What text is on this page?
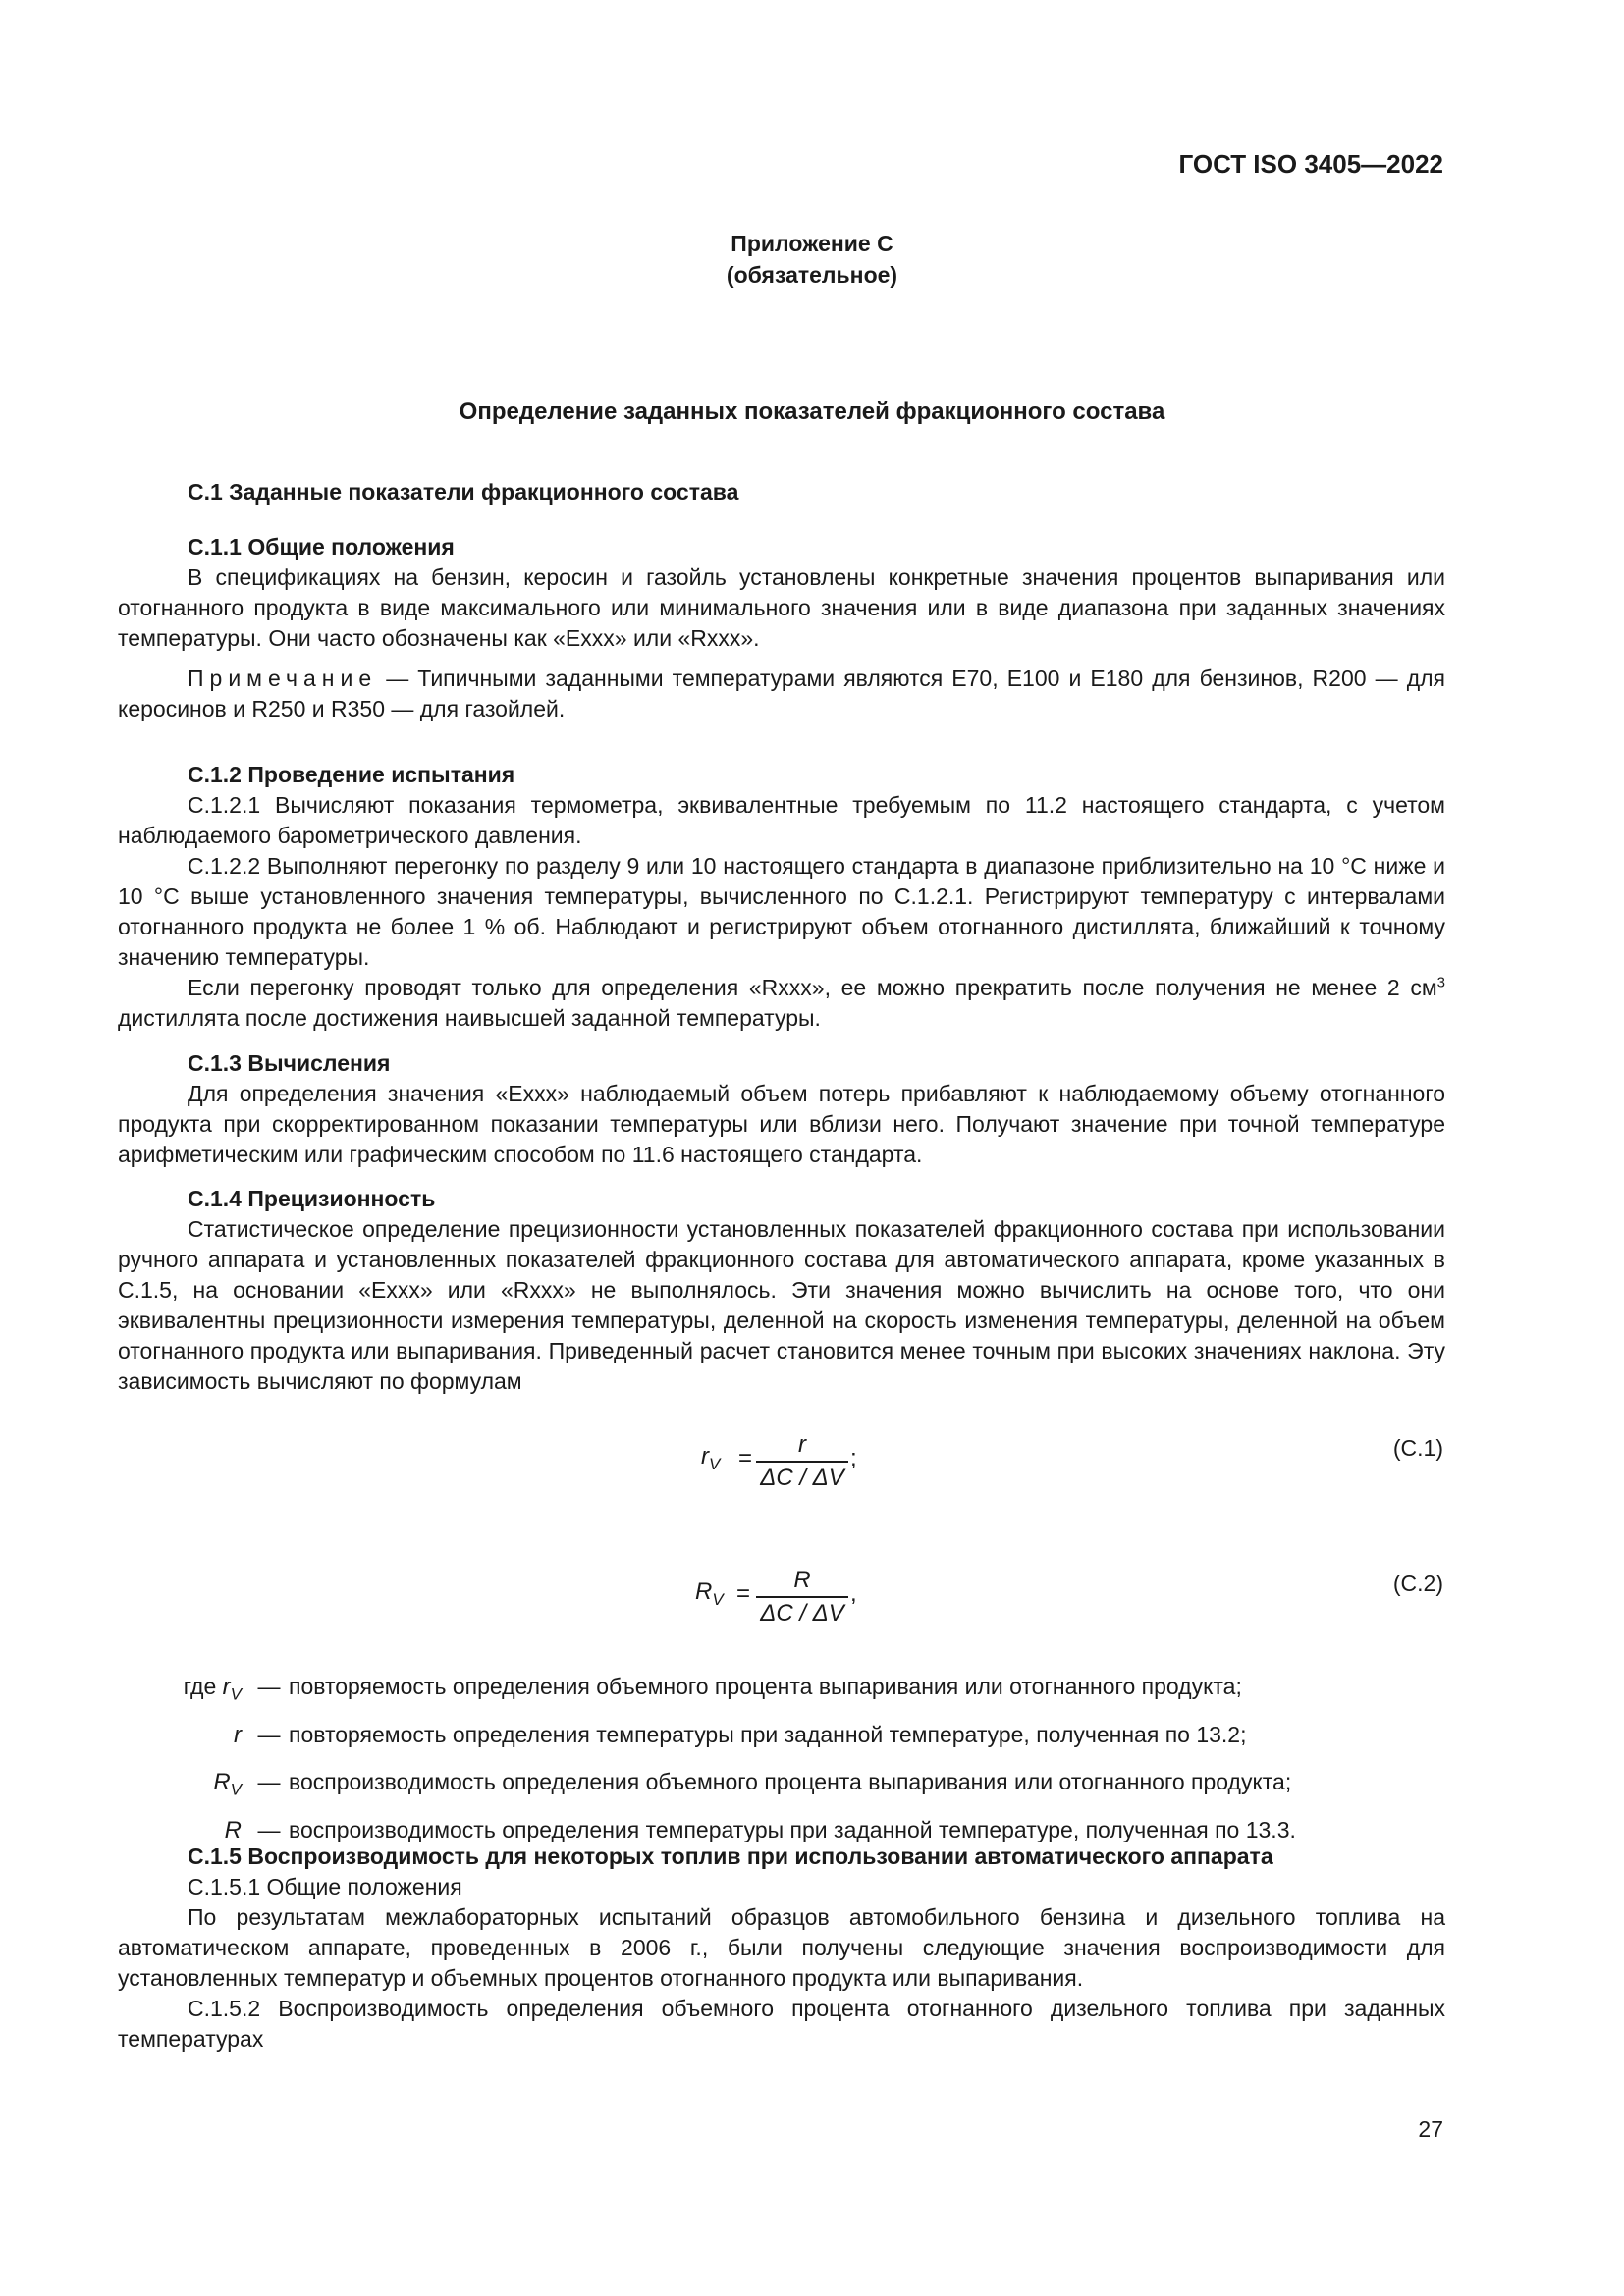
ГОСТ ISO 3405—2022
Приложение С
(обязательное)
Определение заданных показателей фракционного состава
С.1 Заданные показатели фракционного состава
С.1.1 Общие положения
В спецификациях на бензин, керосин и газойль установлены конкретные значения процентов выпаривания или отогнанного продукта в виде максимального или минимального значения или в виде диапазона при заданных значениях температуры. Они часто обозначены как «Еххх» или «Rxxx».
Примечание — Типичными заданными температурами являются Е70, Е100 и Е180 для бензинов, R200 — для керосинов и R250 и R350 — для газойлей.
С.1.2 Проведение испытания
С.1.2.1 Вычисляют показания термометра, эквивалентные требуемым по 11.2 настоящего стандарта, с учетом наблюдаемого барометрического давления.
С.1.2.2 Выполняют перегонку по разделу 9 или 10 настоящего стандарта в диапазоне приблизительно на 10 °С ниже и 10 °С выше установленного значения температуры, вычисленного по С.1.2.1. Регистрируют температуру с интервалами отогнанного продукта не более 1 % об. Наблюдают и регистрируют объем отогнанного дистиллята, ближайший к точному значению температуры.
Если перегонку проводят только для определения «Rxxx», ее можно прекратить после получения не менее 2 $см^3$ дистиллята после достижения наивысшей заданной температуры.
С.1.3 Вычисления
Для определения значения «Еххх» наблюдаемый объем потерь прибавляют к наблюдаемому объему отогнанного продукта при скорректированном показании температуры или вблизи него. Получают значение при точной температуре арифметическим или графическим способом по 11.6 настоящего стандарта.
С.1.4 Прецизионность
Статистическое определение прецизионности установленных показателей фракционного состава при использовании ручного аппарата и установленных показателей фракционного состава для автоматического аппарата, кроме указанных в С.1.5, на основании «Еххх» или «Rxxx» не выполнялось. Эти значения можно вычислить на основе того, что они эквивалентны прецизионности измерения температуры, деленной на скорость изменения температуры, деленной на объем отогнанного продукта или выпаривания. Приведенный расчет становится менее точным при высоких значениях наклона. Эту зависимость вычисляют по формулам
$r_V = \frac{r}{\Delta C / \Delta V}$ ;	(С.1)
$R_V = \frac{R}{\Delta C / \Delta V}$ ,	(С.2)
где $r_V$ — повторяемость определения объемного процента выпаривания или отогнанного продукта;
r — повторяемость определения температуры при заданной температуре, полученная по 13.2;
$R_V$ — воспроизводимость определения объемного процента выпаривания или отогнанного продукта;
R — воспроизводимость определения температуры при заданной температуре, полученная по 13.3.
С.1.5 Воспроизводимость для некоторых топлив при использовании автоматического аппарата
С.1.5.1 Общие положения
По результатам межлабораторных испытаний образцов автомобильного бензина и дизельного топлива на автоматическом аппарате, проведенных в 2006 г., были получены следующие значения воспроизводимости для установленных температур и объемных процентов отогнанного продукта или выпаривания.
С.1.5.2 Воспроизводимость определения объемного процента отогнанного дизельного топлива при заданных температурах
27
